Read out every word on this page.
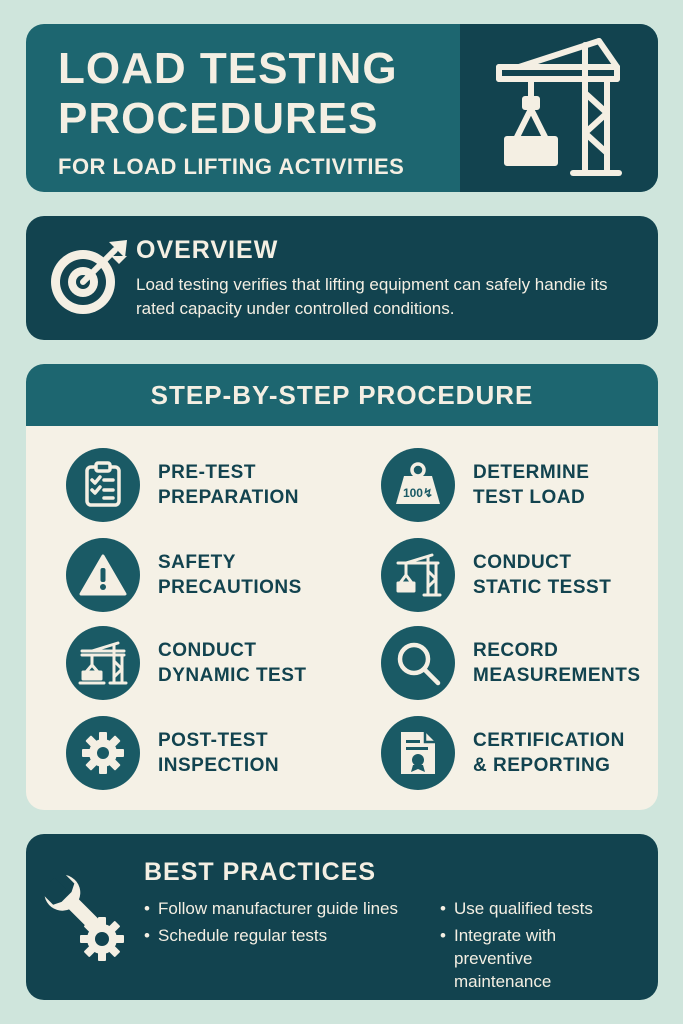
LOAD TESTING
PROCEDURES
FOR LOAD LIFTING ACTIVITIES
OVERVIEW

Load testing verifies that lifting equipment can safely handie its rated capacity under controlled conditions.

STEP-BY-STEP PROCEDURE
PRE-TEST
PREPARATION	100↯
DETERMINE
TEST LOAD
SAFETY
PRECAUTIONS
CONDUCT
STATIC TESST
CONDUCT
DYNAMIC TEST
RECORD
MEASUREMENTS
POST-TEST
INSPECTION
CERTIFICATION
& REPORTING
BEST PRACTICES
• Follow manufacturer guide lines
• Schedule regular tests
• Use qualified tests
• Integrate with preventive maintenance
